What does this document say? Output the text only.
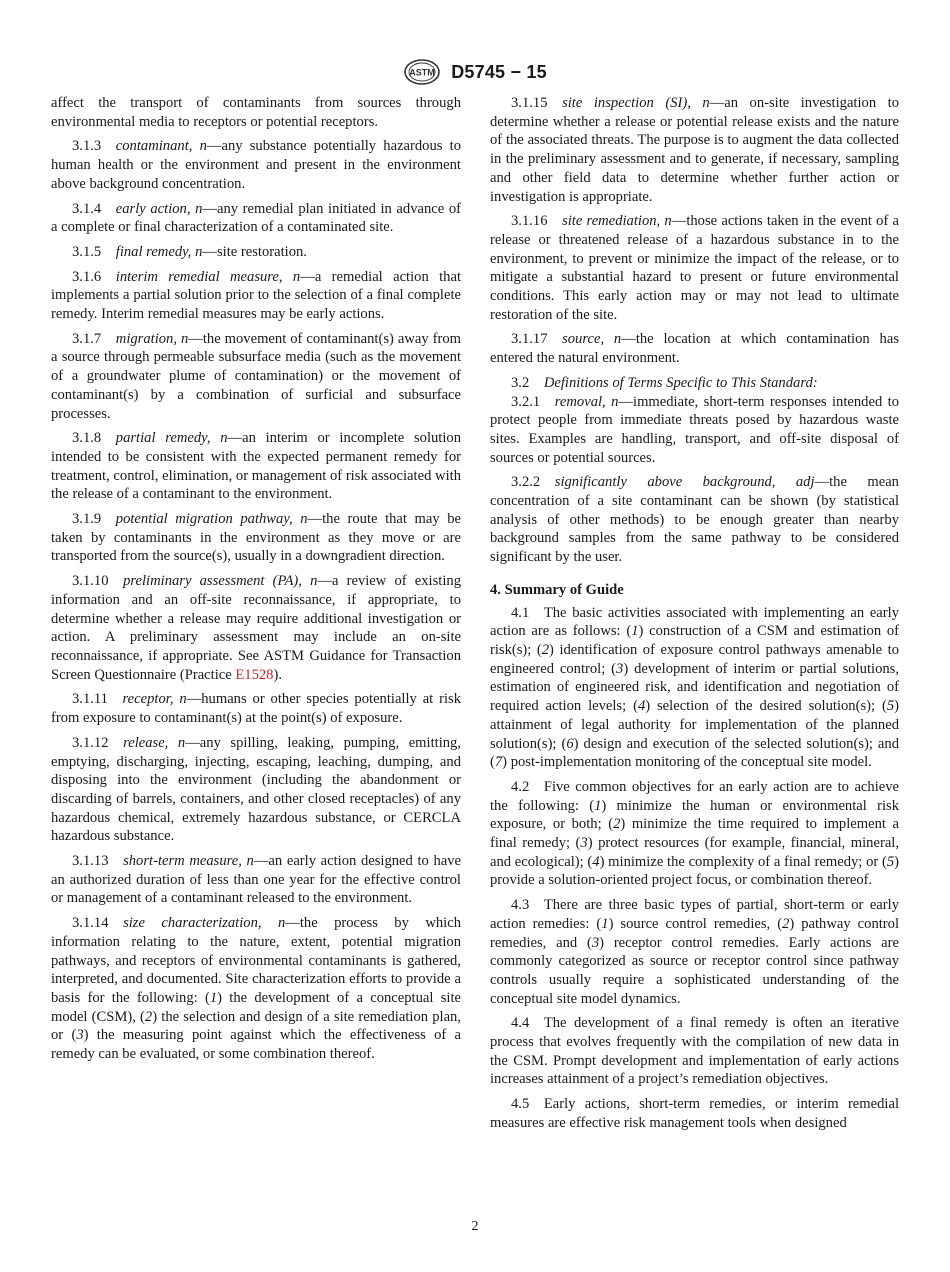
ASTM D5745 − 15

affect the transport of contaminants from sources through environmental media to receptors or potential receptors.

3.1.3 contaminant, n—any substance potentially hazardous to human health or the environment and present in the environment above background concentration.

3.1.4 early action, n—any remedial plan initiated in advance of a complete or final characterization of a contaminated site.

3.1.5 final remedy, n—site restoration.

3.1.6 interim remedial measure, n—a remedial action that implements a partial solution prior to the selection of a final complete remedy. Interim remedial measures may be early actions.

3.1.7 migration, n—the movement of contaminant(s) away from a source through permeable subsurface media (such as the movement of a groundwater plume of contamination) or the movement of contaminant(s) by a combination of surficial and subsurface processes.

3.1.8 partial remedy, n—an interim or incomplete solution intended to be consistent with the expected permanent remedy for treatment, control, elimination, or management of risk associated with the release of a contaminant to the environment.

3.1.9 potential migration pathway, n—the route that may be taken by contaminants in the environment as they move or are transported from the source(s), usually in a downgradient direction.

3.1.10 preliminary assessment (PA), n—a review of existing information and an off-site reconnaissance, if appropriate, to determine whether a release may require additional investigation or action. A preliminary assessment may include an on-site reconnaissance, if appropriate. See ASTM Guidance for Transaction Screen Questionnaire (Practice E1528).

3.1.11 receptor, n—humans or other species potentially at risk from exposure to contaminant(s) at the point(s) of exposure.

3.1.12 release, n—any spilling, leaking, pumping, emitting, emptying, discharging, injecting, escaping, leaching, dumping, and disposing into the environment (including the abandonment or discarding of barrels, containers, and other closed receptacles) of any hazardous chemical, extremely hazardous substance, or CERCLA hazardous substance.

3.1.13 short-term measure, n—an early action designed to have an authorized duration of less than one year for the effective control or management of a contaminant released to the environment.

3.1.14 size characterization, n—the process by which information relating to the nature, extent, potential migration pathways, and receptors of environmental contaminants is gathered, interpreted, and documented. Site characterization efforts to provide a basis for the following: (1) the development of a conceptual site model (CSM), (2) the selection and design of a site remediation plan, or (3) the measuring point against which the effectiveness of a remedy can be evaluated, or some combination thereof.

3.1.15 site inspection (SI), n—an on-site investigation to determine whether a release or potential release exists and the nature of the associated threats. The purpose is to augment the data collected in the preliminary assessment and to generate, if necessary, sampling and other field data to determine whether further action or investigation is appropriate.

3.1.16 site remediation, n—those actions taken in the event of a release or threatened release of a hazardous substance in to the environment, to prevent or minimize the impact of the release, or to mitigate a substantial hazard to present or future environmental conditions. This early action may or may not lead to ultimate restoration of the site.

3.1.17 source, n—the location at which contamination has entered the natural environment.

3.2 Definitions of Terms Specific to This Standard:

3.2.1 removal, n—immediate, short-term responses intended to protect people from immediate threats posed by hazardous waste sites. Examples are handling, transport, and off-site disposal of sources or potential sources.

3.2.2 significantly above background, adj—the mean concentration of a site contaminant can be shown (by statistical analysis of other methods) to be enough greater than nearby background samples from the same pathway to be considered significant by the user.

4. Summary of Guide

4.1 The basic activities associated with implementing an early action are as follows: (1) construction of a CSM and estimation of risk(s); (2) identification of exposure control pathways amenable to engineered control; (3) development of interim or partial solutions, estimation of engineered risk, and identification and negotiation of required action levels; (4) selection of the desired solution(s); (5) attainment of legal authority for implementation of the planned solution(s); (6) design and execution of the selected solution(s); and (7) post-implementation monitoring of the conceptual site model.

4.2 Five common objectives for an early action are to achieve the following: (1) minimize the human or environmental risk exposure, or both; (2) minimize the time required to implement a final remedy; (3) protect resources (for example, financial, mineral, and ecological); (4) minimize the complexity of a final remedy; or (5) provide a solution-oriented project focus, or combination thereof.

4.3 There are three basic types of partial, short-term or early action remedies: (1) source control remedies, (2) pathway control remedies, and (3) receptor control remedies. Early actions are commonly categorized as source or receptor control since pathway controls usually require a sophisticated understanding of the conceptual site model dynamics.

4.4 The development of a final remedy is often an iterative process that evolves frequently with the compilation of new data in the CSM. Prompt development and implementation of early actions increases attainment of a project’s remediation objectives.

4.5 Early actions, short-term remedies, or interim remedial measures are effective risk management tools when designed

2
